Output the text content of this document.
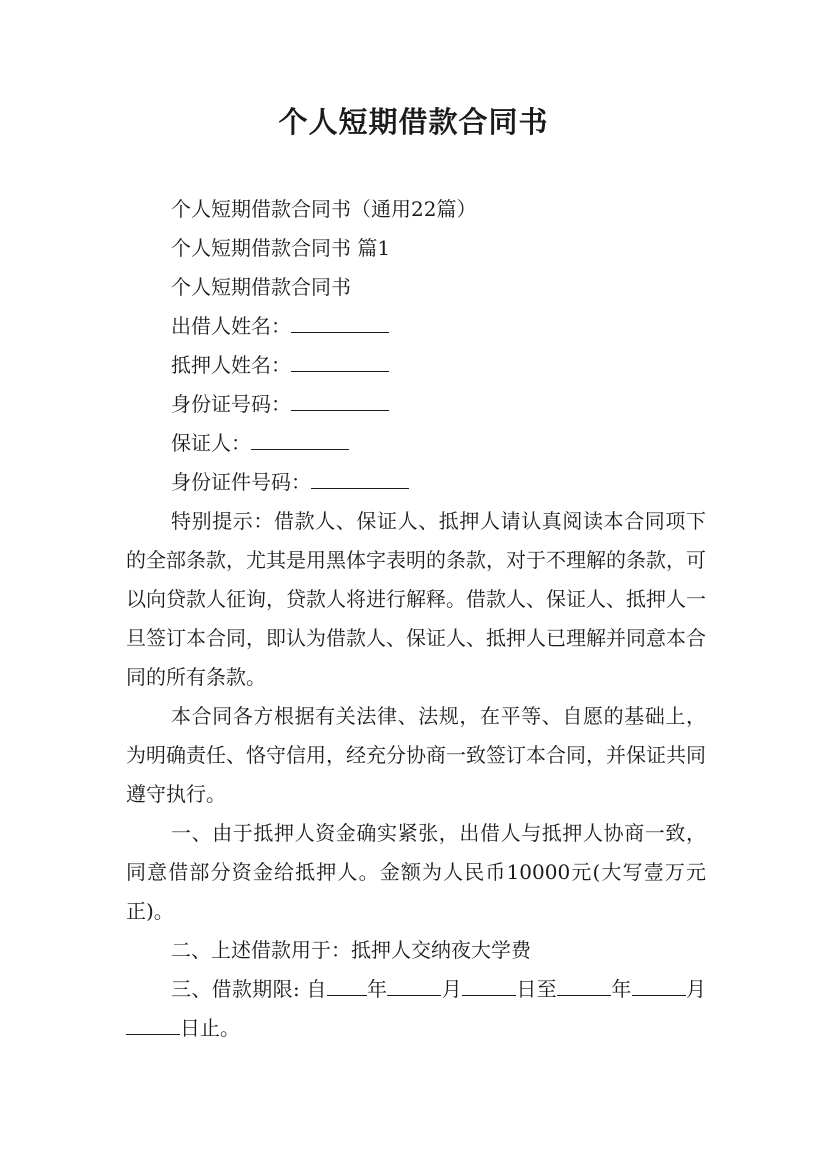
个人短期借款合同书
个人短期借款合同书（通用22篇）
个人短期借款合同书 篇1
个人短期借款合同书
出借人姓名：
抵押人姓名：
身份证号码：
保证人：
身份证件号码：

特别提示：借款人、保证人、抵押人请认真阅读本合同项下的全部条款，尤其是用黑体字表明的条款，对于不理解的条款，可以向贷款人征询，贷款人将进行解释。借款人、保证人、抵押人一旦签订本合同，即认为借款人、保证人、抵押人已理解并同意本合同的所有条款。

本合同各方根据有关法律、法规，在平等、自愿的基础上，为明确责任、恪守信用，经充分协商一致签订本合同，并保证共同遵守执行。

一、由于抵押人资金确实紧张，出借人与抵押人协商一致，同意借部分资金给抵押人。金额为人民币10000元(大写壹万元正)。

二、上述借款用于：抵押人交纳夜大学费

三、借款期限: 自 年	月	日至	年	月日止。
